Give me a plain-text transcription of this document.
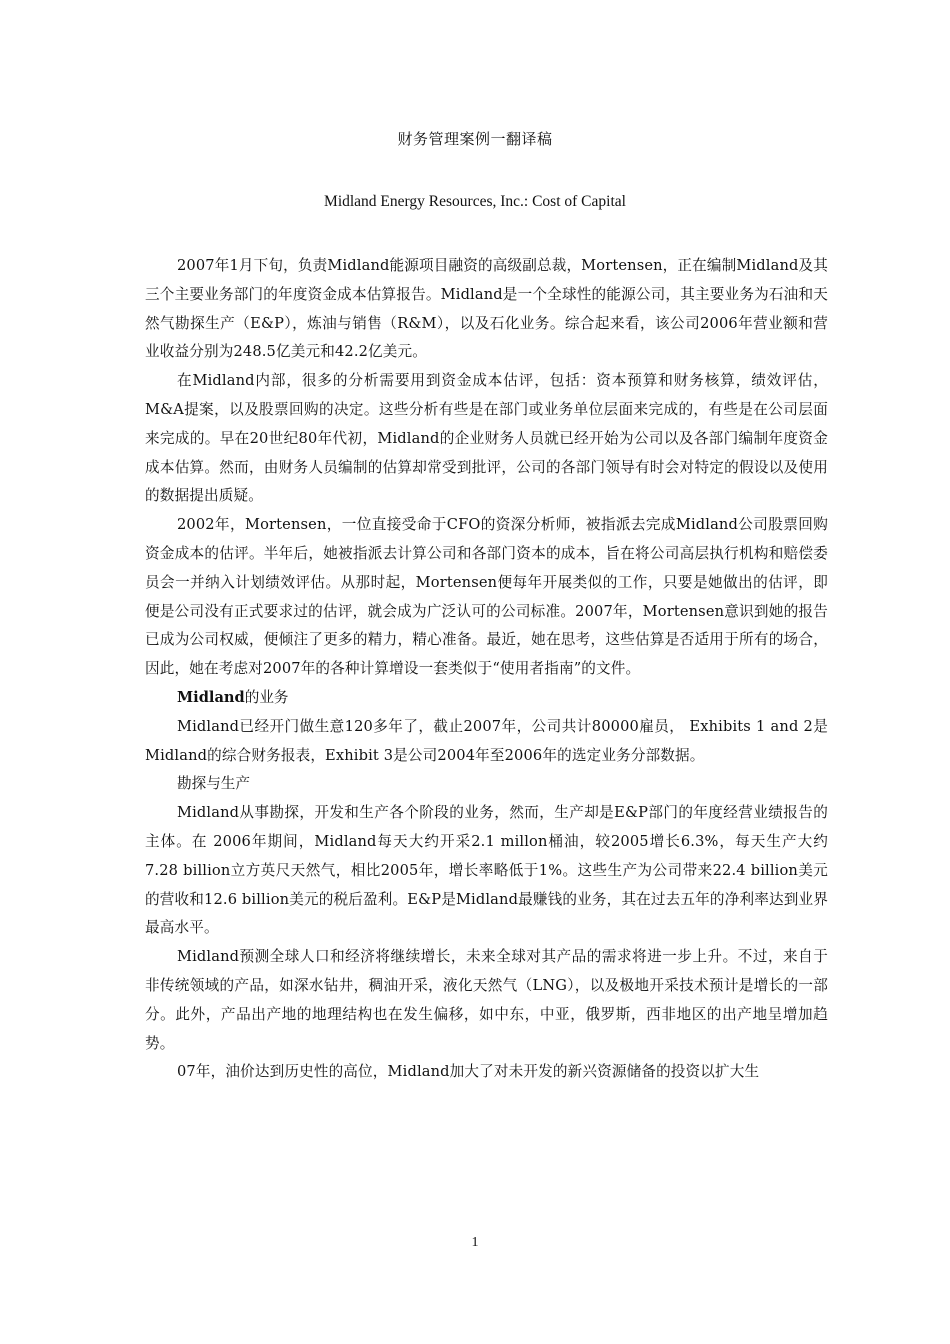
财务管理案例一翻译稿
Midland Energy Resources, Inc.: Cost of Capital

2007年1月下旬，负责Midland能源项目融资的高级副总裁，Mortensen，正在编制Midland及其三个主要业务部门的年度资金成本估算报告。Midland是一个全球性的能源公司，其主要业务为石油和天然气勘探生产（E&P），炼油与销售（R&M），以及石化业务。综合起来看，该公司2006年营业额和营业收益分别为248.5亿美元和42.2亿美元。

在Midland内部，很多的分析需要用到资金成本估评，包括：资本预算和财务核算，绩效评估，M&A提案，以及股票回购的决定。这些分析有些是在部门或业务单位层面来完成的，有些是在公司层面来完成的。早在20世纪80年代初，Midland的企业财务人员就已经开始为公司以及各部门编制年度资金成本估算。然而，由财务人员编制的估算却常受到批评，公司的各部门领导有时会对特定的假设以及使用的数据提出质疑。

2002年，Mortensen，一位直接受命于CFO的资深分析师，被指派去完成Midland公司股票回购资金成本的估评。半年后，她被指派去计算公司和各部门资本的成本，旨在将公司高层执行机构和赔偿委员会一并纳入计划绩效评估。从那时起，Mortensen便每年开展类似的工作，只要是她做出的估评，即便是公司没有正式要求过的估评，就会成为广泛认可的公司标准。2007年，Mortensen意识到她的报告已成为公司权威，便倾注了更多的精力，精心准备。最近，她在思考，这些估算是否适用于所有的场合，因此，她在考虑对2007年的各种计算增设一套类似于“使用者指南”的文件。

Midland的业务

Midland已经开门做生意120多年了，截止2007年，公司共计80000雇员， Exhibits 1 and 2是Midland的综合财务报表，Exhibit 3是公司2004年至2006年的选定业务分部数据。

勘探与生产

Midland从事勘探，开发和生产各个阶段的业务，然而，生产却是E&P部门的年度经营业绩报告的主体。在 2006年期间，Midland每天大约开采2.1 millon桶油，较2005增长6.3%，每天生产大约7.28 billion立方英尺天然气，相比2005年，增长率略低于1%。这些生产为公司带来22.4 billion美元的营收和12.6 billion美元的税后盈利。E&P是Midland最赚钱的业务，其在过去五年的净利率达到业界最高水平。

Midland预测全球人口和经济将继续增长，未来全球对其产品的需求将进一步上升。不过，来自于非传统领域的产品，如深水钻井，稠油开采，液化天然气（LNG），以及极地开采技术预计是增长的一部分。此外，产品出产地的地理结构也在发生偏移，如中东，中亚，俄罗斯，西非地区的出产地呈增加趋势。

07年，油价达到历史性的高位，Midland加大了对未开发的新兴资源储备的投资以扩大生

1
